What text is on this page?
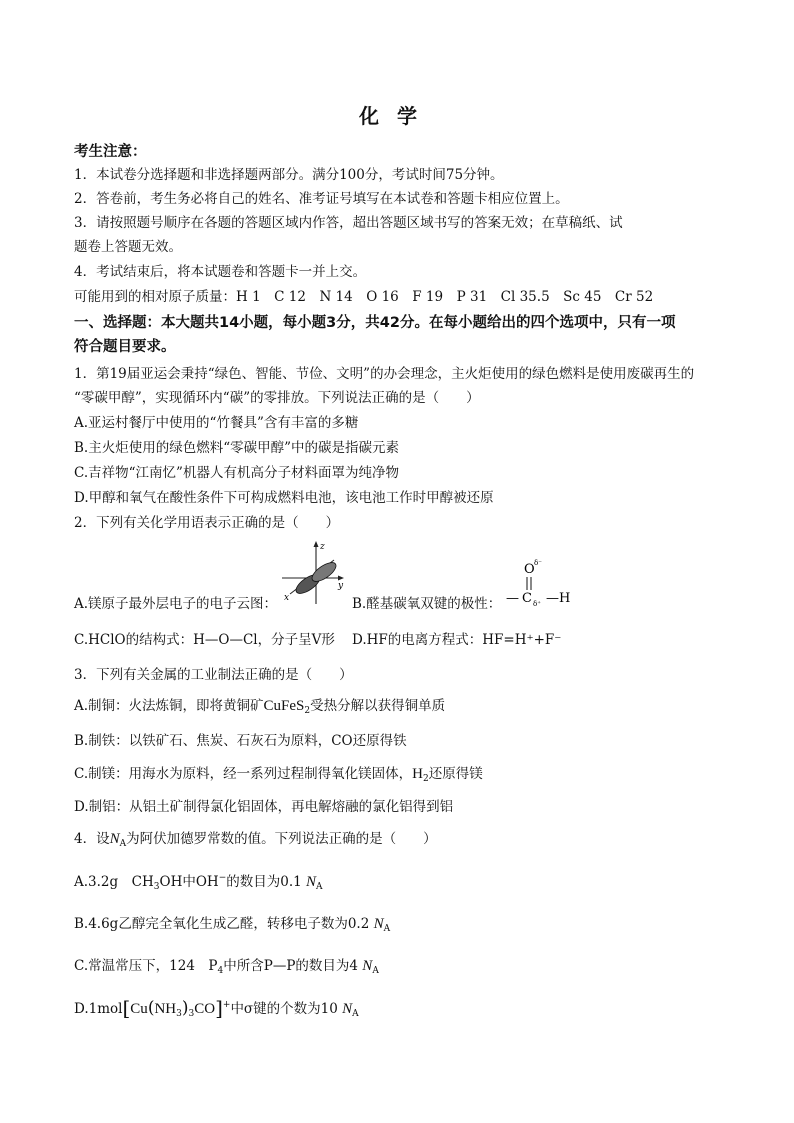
化学
考生注意：
1．本试卷分选择题和非选择题两部分。满分100分，考试时间75分钟。
2．答卷前，考生务必将自己的姓名、准考证号填写在本试卷和答题卡相应位置上。
3．请按照题号顺序在各题的答题区域内作答，超出答题区域书写的答案无效；在草稿纸、试
题卷上答题无效。
4．考试结束后，将本试题卷和答题卡一并上交。
可能用到的相对原子质量：H 1　C 12　N 14　O 16　F 19　P 31　Cl 35.5　Sc 45　Cr 52
一、选择题：本大题共14小题，每小题3分，共42分。在每小题给出的四个选项中，只有一项
符合题目要求。
1．第19届亚运会秉持“绿色、智能、节俭、文明”的办会理念，主火炬使用的绿色燃料是使用废碳再生的
“零碳甲醇”，实现循环内“碳”的零排放。下列说法正确的是（　　）
A.亚运村餐厅中使用的“竹餐具”含有丰富的多糖
B.主火炬使用的绿色燃料“零碳甲醇”中的碳是指碳元素
C.吉祥物“江南忆”机器人有机高分子材料面罩为纯净物
D.甲醇和氧气在酸性条件下可构成燃料电池，该电池工作时甲醇被还原
2．下列有关化学用语表示正确的是（　　）
A.镁原子最外层电子的电子云图：
z
y
x	B.醛基碳氧双键的极性：
O δ⁻
— C δ⁺ —H
C.HClO的结构式：H—O—Cl，分子呈V形 D.HF的电离方程式：HF=H⁺+F⁻
3．下列有关金属的工业制法正确的是（　　）
A.制铜：火法炼铜，即将黄铜矿CuFeS$_2$受热分解以获得铜单质
B.制铁：以铁矿石、焦炭、石灰石为原料，CO还原得铁
C.制镁：用海水为原料，经一系列过程制得氧化镁固体，$H_2$还原得镁
D.制铝：从铝土矿制得氯化铝固体，再电解熔融的氯化铝得到铝
4．设$N_A$为阿伏加德罗常数的值。下列说法正确的是（　　）
A.3.2g　$CH_3OH$中OH−的数目为0.1 $N_A$
B.4.6g乙醇完全氧化生成乙醛，转移电子数为0.2 $N_A$
C.常温常压下，124　$P_4$中所含P—P的数目为4 $N_A$
$D.1mol[Cu(NH_3)_3CO]^+$中σ键的个数为10 $N_A$
